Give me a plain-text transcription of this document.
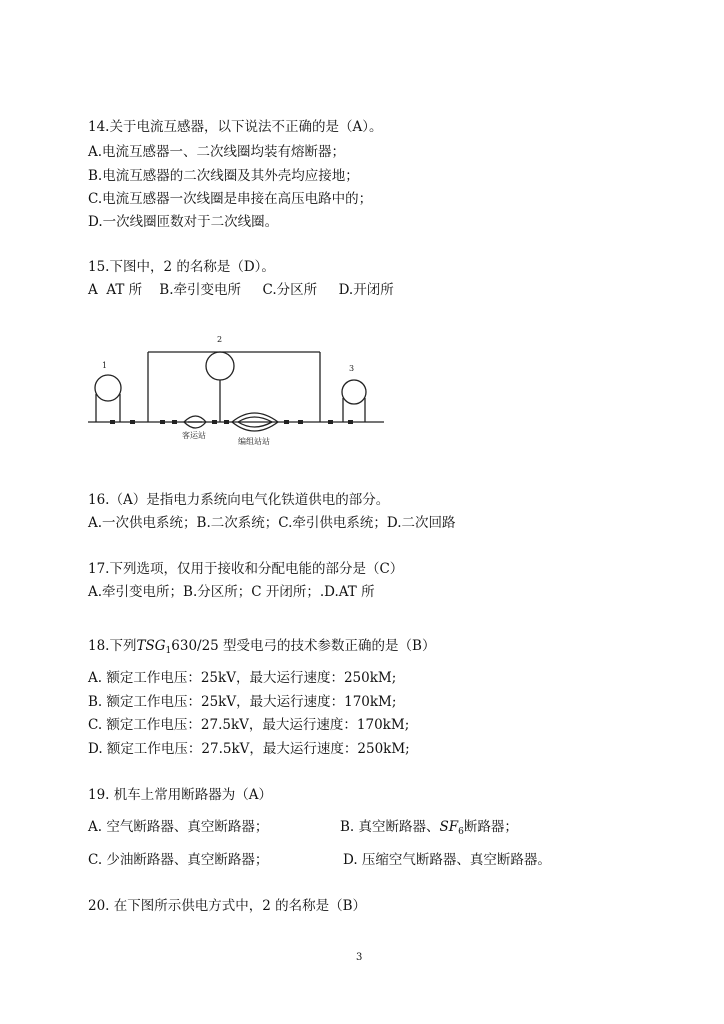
14.关于电流互感器，以下说法不正确的是（A）。
A.电流互感器一、二次线圈均装有熔断器；
B.电流互感器的二次线圈及其外壳均应接地；
C.电流互感器一次线圈是串接在高压电路中的；
D.一次线圈匝数对于二次线圈。
15.下图中，2 的名称是（D）。
A  AT 所    B.牵引变电所     C.分区所     D.开闭所
1
2
3
客运站
编组站站
16.（A）是指电力系统向电气化铁道供电的部分。
A.一次供电系统；B.二次系统；C.牵引供电系统；D.二次回路
17.下列选项，仅用于接收和分配电能的部分是（C）
A.牵引变电所；B.分区所；C 开闭所；.D.AT 所
18.下列$TSG_1630/25$ 型受电弓的技术参数正确的是（B）
A. 额定工作电压：25kV，最大运行速度：250kM;
B. 额定工作电压：25kV，最大运行速度：170kM;
C. 额定工作电压：27.5kV，最大运行速度：170kM;
D. 额定工作电压：27.5kV，最大运行速度：250kM;
19. 机车上常用断路器为（A）
A. 空气断路器、真空断路器；	B. 真空断路器、$SF_6$断路器；
C. 少油断路器、真空断路器；	D. 压缩空气断路器、真空断路器。
20. 在下图所示供电方式中，2 的名称是（B）
3
